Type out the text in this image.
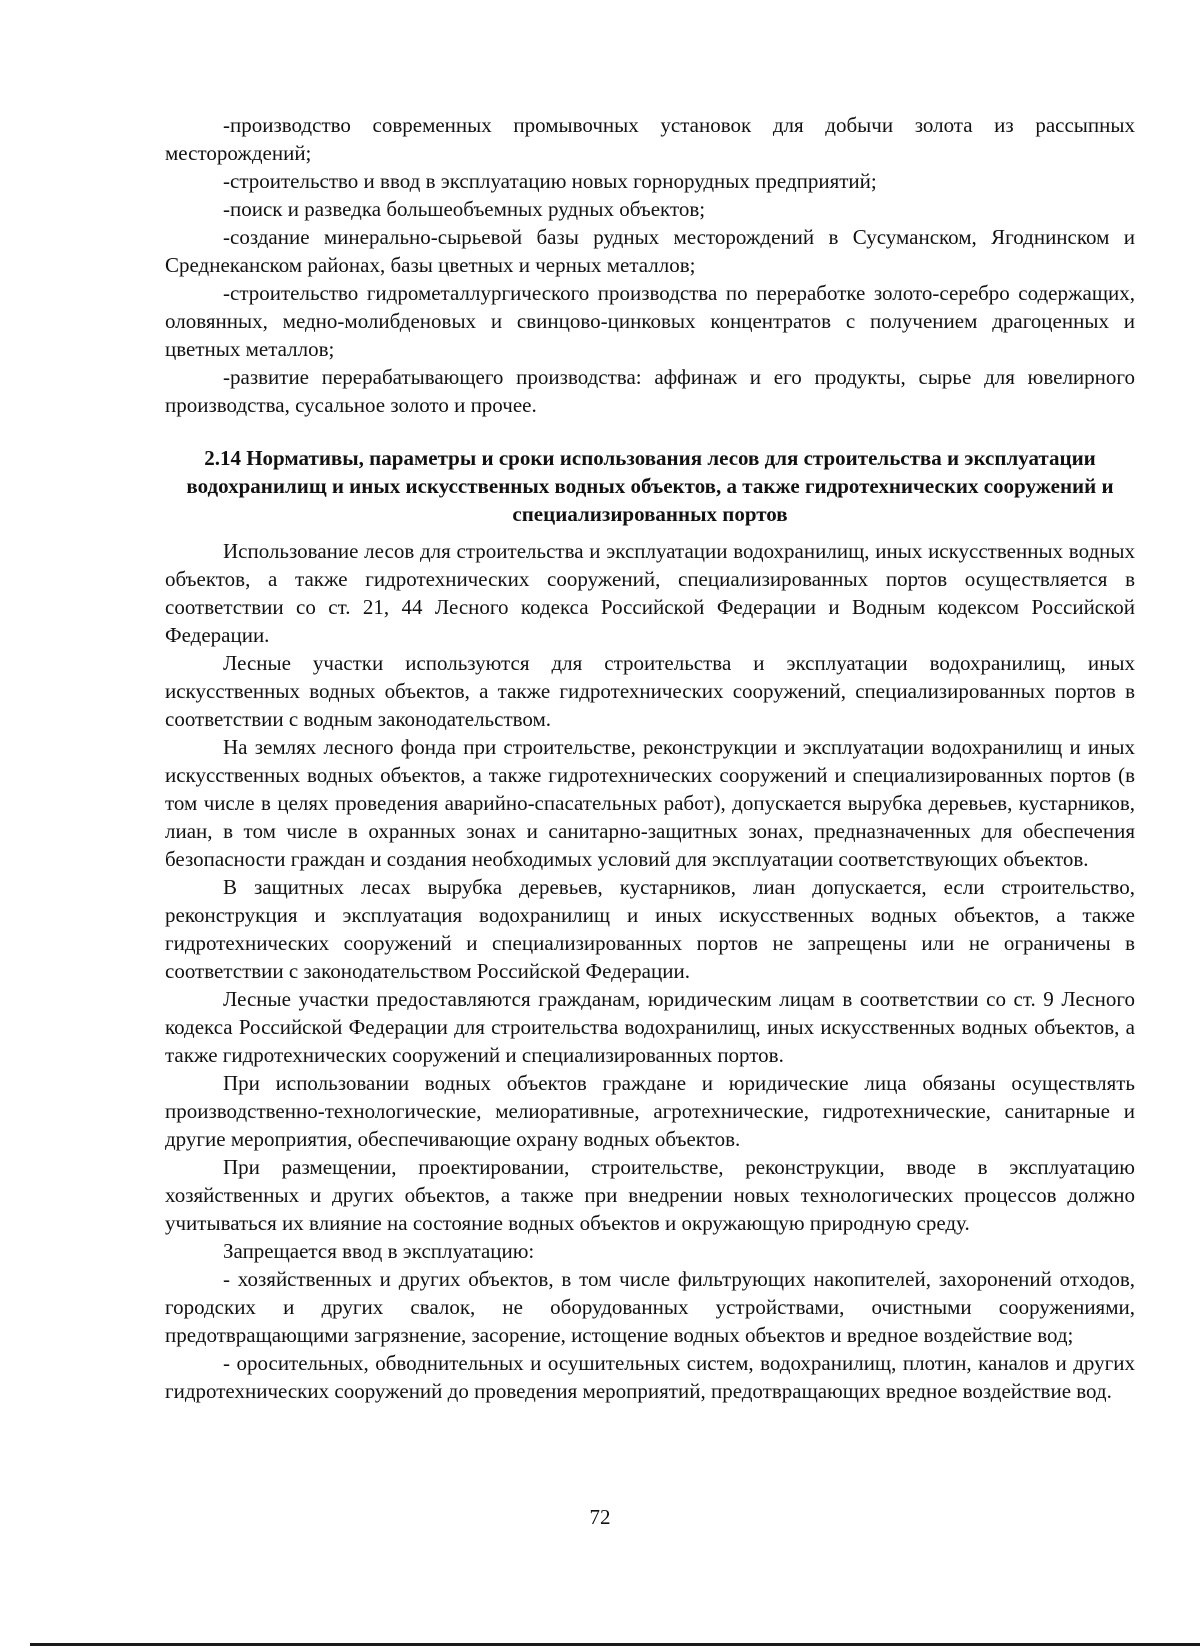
-производство современных промывочных установок для добычи золота из рассыпных месторождений;

-строительство и ввод в эксплуатацию новых горнорудных предприятий;

-поиск и разведка большеобъемных рудных объектов;

-создание минерально-сырьевой базы рудных месторождений в Сусуманском, Ягоднинском и Среднеканском районах, базы цветных и черных металлов;

-строительство гидрометаллургического производства по переработке золото-серебро содержащих, оловянных, медно-молибденовых и свинцово-цинковых концентратов с получением драгоценных и цветных металлов;

-развитие перерабатывающего производства: аффинаж и его продукты, сырье для ювелирного производства, сусальное золото и прочее.

2.14 Нормативы, параметры и сроки использования лесов для строительства и эксплуатации водохранилищ и иных искусственных водных объектов, а также гидротехнических сооружений и специализированных портов

Использование лесов для строительства и эксплуатации водохранилищ, иных искусственных водных объектов, а также гидротехнических сооружений, специализированных портов осуществляется в соответствии со ст. 21, 44 Лесного кодекса Российской Федерации и Водным кодексом Российской Федерации.

Лесные участки используются для строительства и эксплуатации водохранилищ, иных искусственных водных объектов, а также гидротехнических сооружений, специализированных портов в соответствии с водным законодательством.

На землях лесного фонда при строительстве, реконструкции и эксплуатации водохранилищ и иных искусственных водных объектов, а также гидротехнических сооружений и специализированных портов (в том числе в целях проведения аварийно-спасательных работ), допускается вырубка деревьев, кустарников, лиан, в том числе в охранных зонах и санитарно-защитных зонах, предназначенных для обеспечения безопасности граждан и создания необходимых условий для эксплуатации соответствующих объектов.

В защитных лесах вырубка деревьев, кустарников, лиан допускается, если строительство, реконструкция и эксплуатация водохранилищ и иных искусственных водных объектов, а также гидротехнических сооружений и специализированных портов не запрещены или не ограничены в соответствии с законодательством Российской Федерации.

Лесные участки предоставляются гражданам, юридическим лицам в соответствии со ст. 9 Лесного кодекса Российской Федерации для строительства водохранилищ, иных искусственных водных объектов, а также гидротехнических сооружений и специализированных портов.

При использовании водных объектов граждане и юридические лица обязаны осуществлять производственно-технологические, мелиоративные, агротехнические, гидротехнические, санитарные и другие мероприятия, обеспечивающие охрану водных объектов.

При размещении, проектировании, строительстве, реконструкции, вводе в эксплуатацию хозяйственных и других объектов, а также при внедрении новых технологических процессов должно учитываться их влияние на состояние водных объектов и окружающую природную среду.

Запрещается ввод в эксплуатацию:

- хозяйственных и других объектов, в том числе фильтрующих накопителей, захоронений отходов, городских и других свалок, не оборудованных устройствами, очистными сооружениями, предотвращающими загрязнение, засорение, истощение водных объектов и вредное воздействие вод;

- оросительных, обводнительных и осушительных систем, водохранилищ, плотин, каналов и других гидротехнических сооружений до проведения мероприятий, предотвращающих вредное воздействие вод.

72
